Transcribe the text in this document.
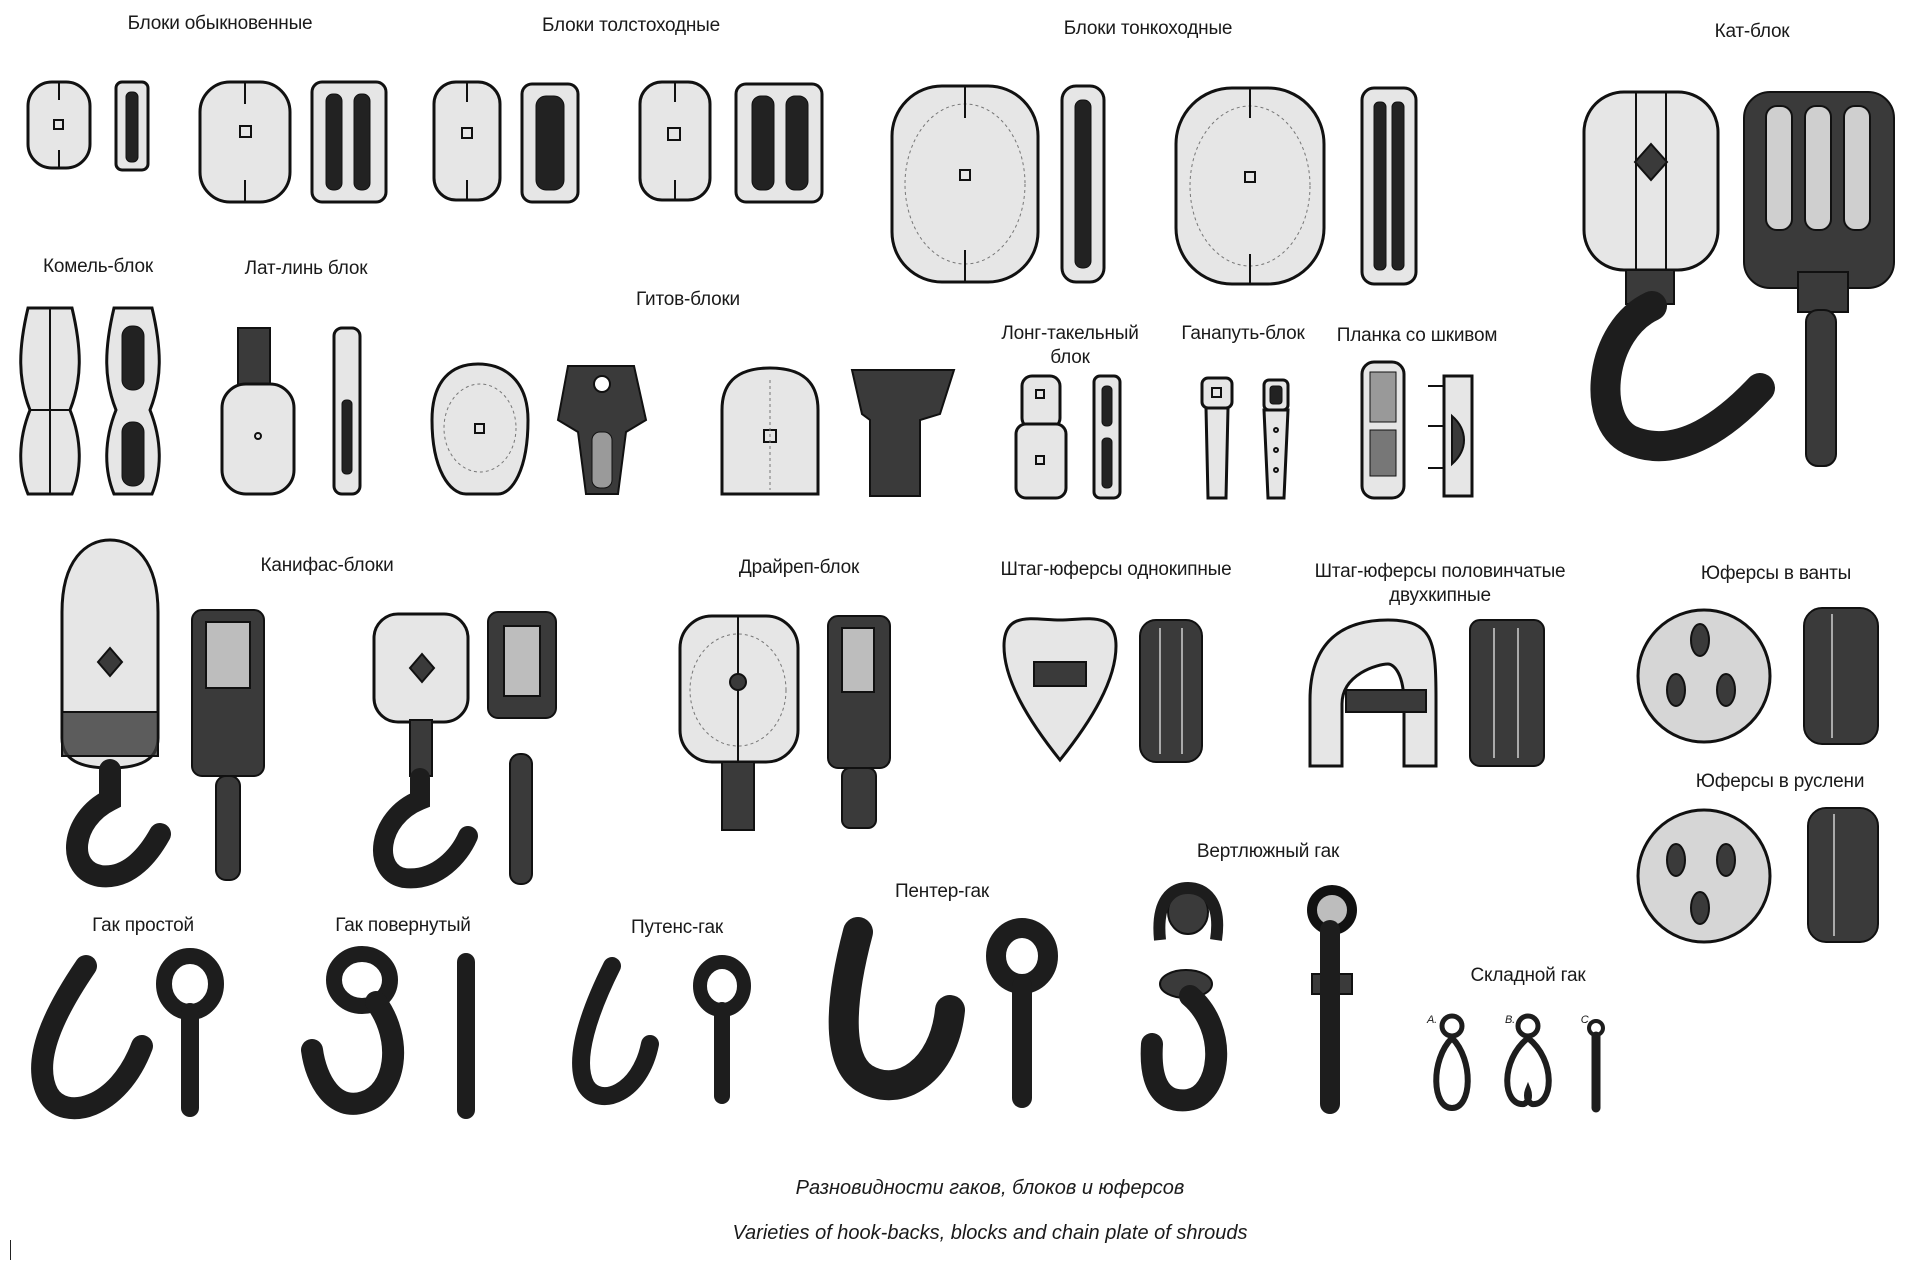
Блоки обыкновенные	Блоки толстоходные	Блоки тонкоходные	Кат-блок
Комель-блок	Лат-линь блок
Гитов-блоки
Лонг-такельный
блок
Ганапуть-блок Планка со шкивом
Канифас-блоки	Драйреп-блок	Штаг-юферсы однокипные	Штаг-юферсы половинчатые
двухкипные
Юферсы в ванты
Юферсы в руслени
Вертлюжный гак
Пентер-гак
Гак простой	Гак повернутый	Путенс-гак
Складной гак
A.	B.	C.
Разновидности гаков, блоков и юферсов
Varieties of hook-backs, blocks and chain plate of shrouds
